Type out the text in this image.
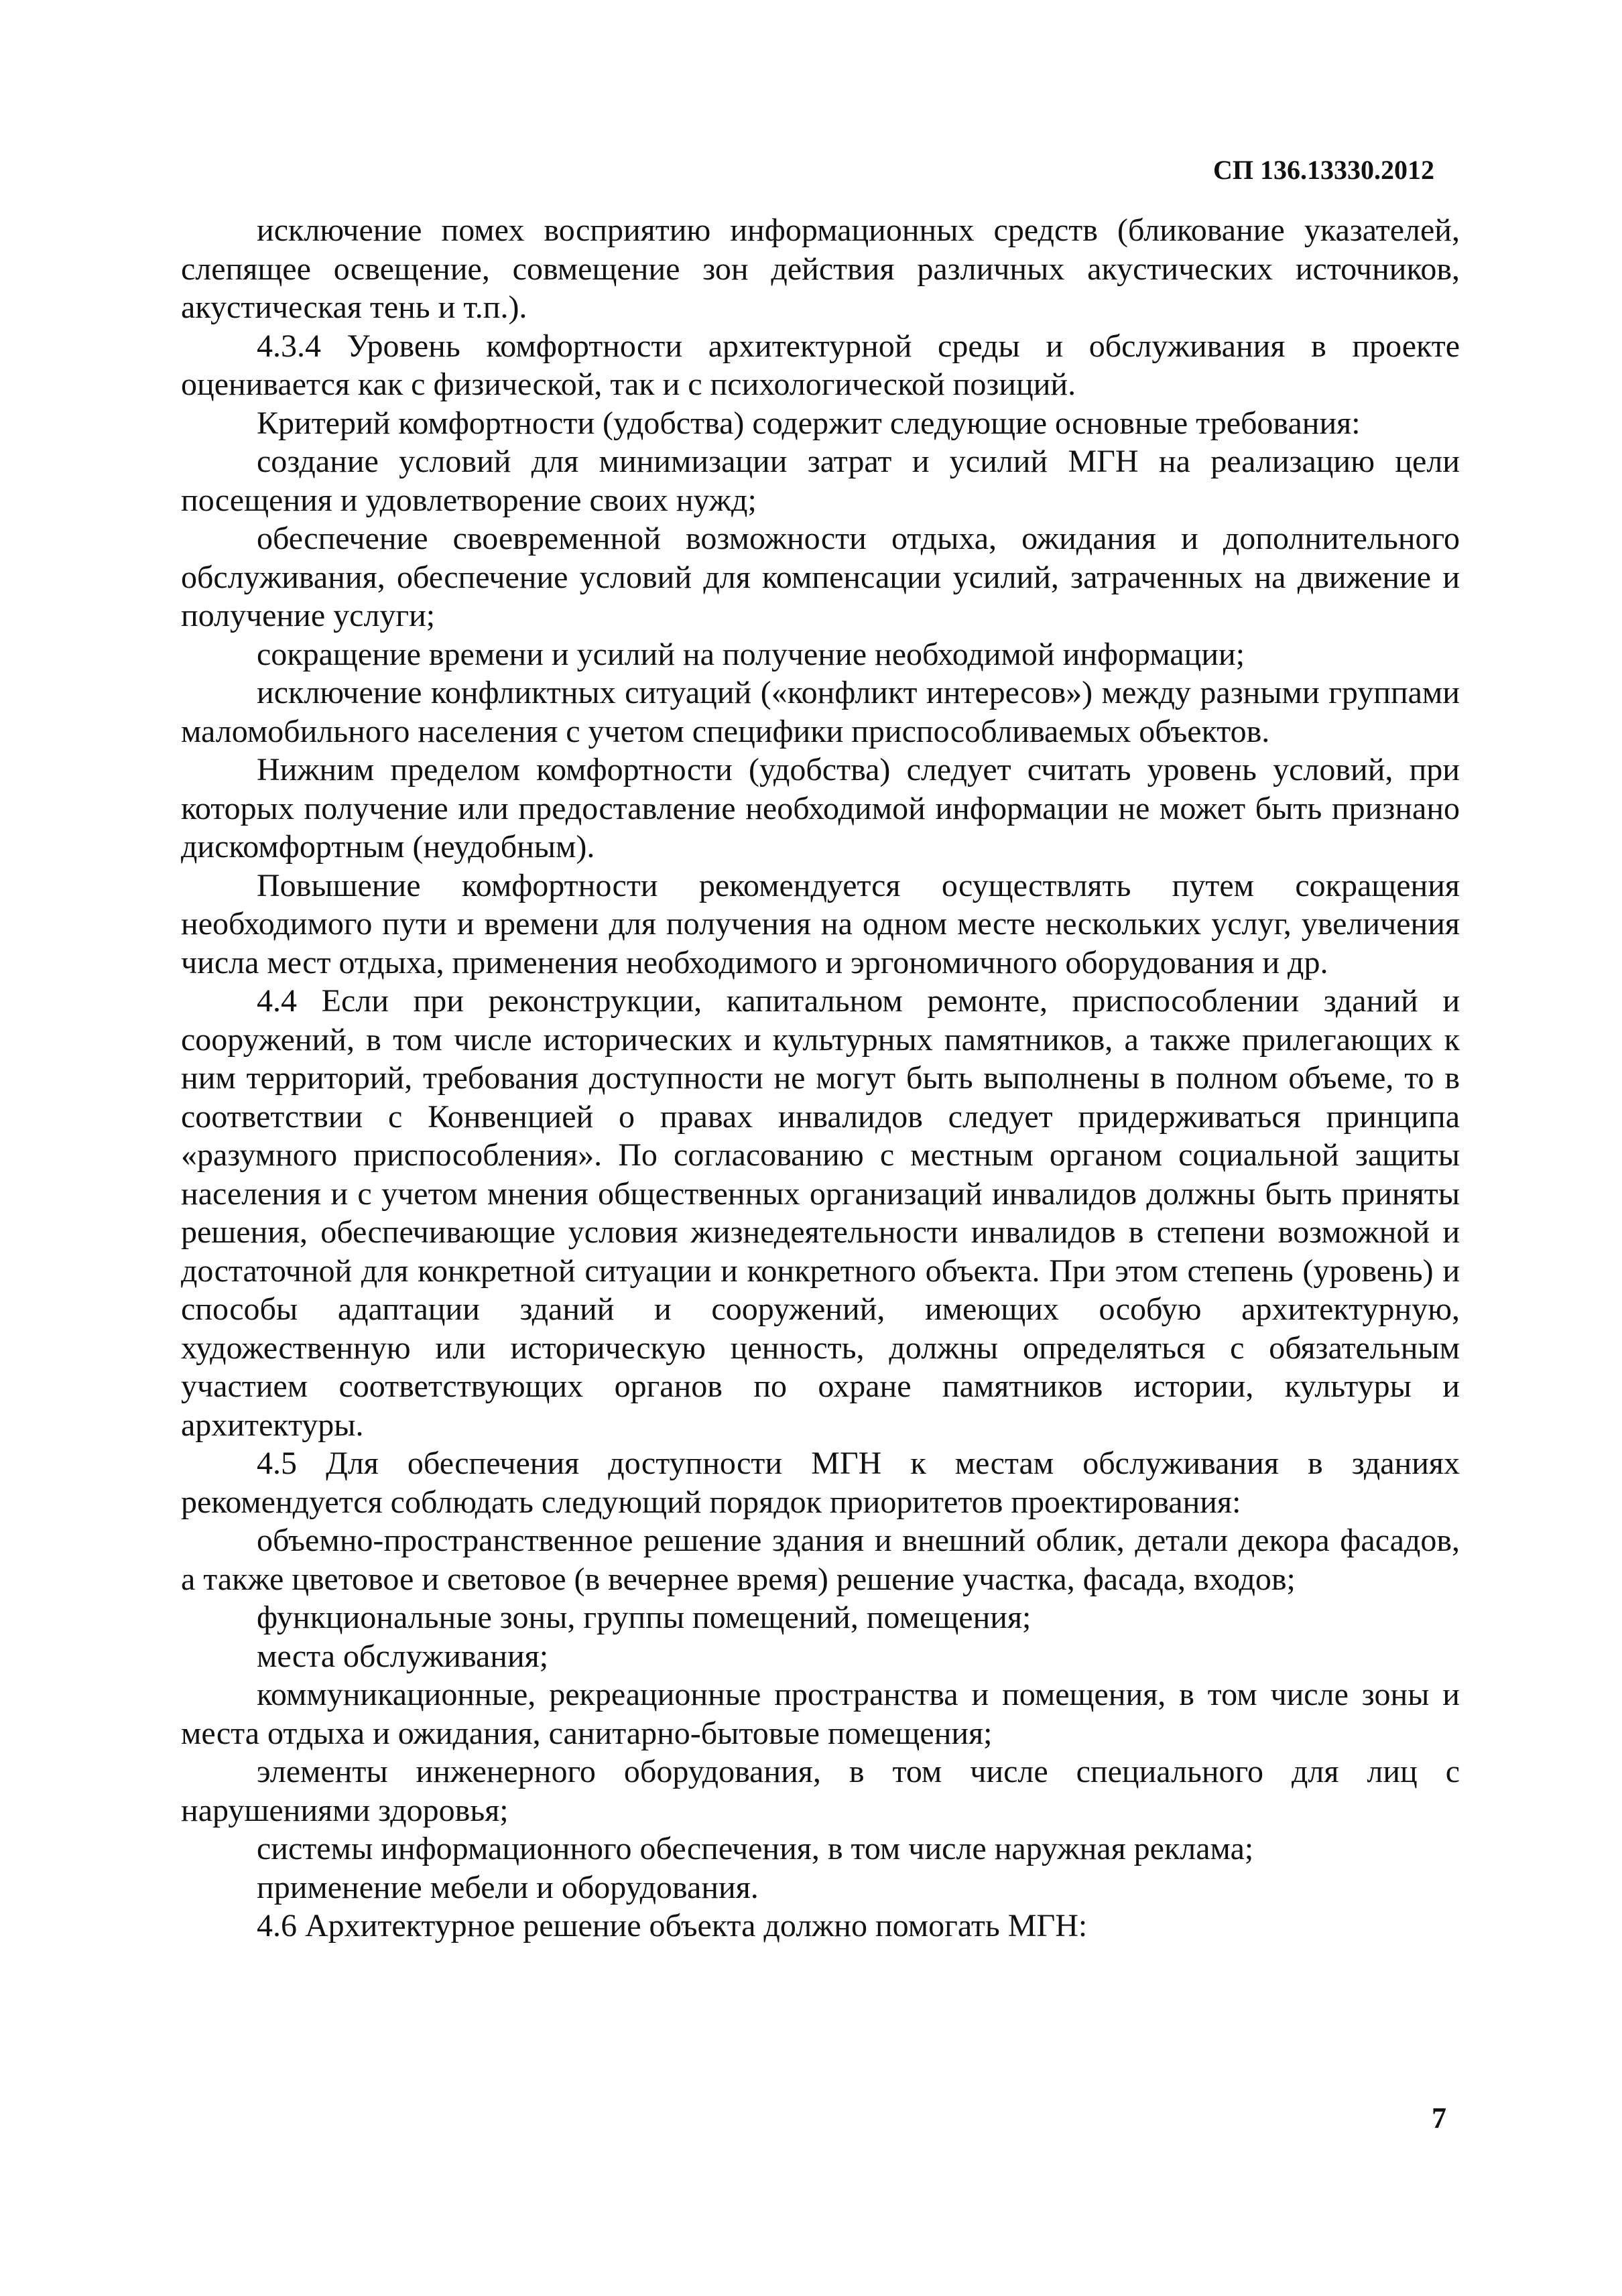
СП 136.13330.2012

исключение помех восприятию информационных средств (бликование указателей, слепящее освещение, совмещение зон действия различных акустических источников, акустическая тень и т.п.).

4.3.4 Уровень комфортности архитектурной среды и обслуживания в проекте оценивается как с физической, так и с психологической позиций.

Критерий комфортности (удобства) содержит следующие основные требования:

создание условий для минимизации затрат и усилий МГН на реализацию цели посещения и удовлетворение своих нужд;

обеспечение своевременной возможности отдыха, ожидания и дополнительного обслуживания, обеспечение условий для компенсации усилий, затраченных на движение и получение услуги;

сокращение времени и усилий на получение необходимой информации;

исключение конфликтных ситуаций («конфликт интересов») между разными группами маломобильного населения с учетом специфики приспособливаемых объектов.

Нижним пределом комфортности (удобства) следует считать уровень условий, при которых получение или предоставление необходимой информации не может быть признано дискомфортным (неудобным).

Повышение комфортности рекомендуется осуществлять путем сокращения необходимого пути и времени для получения на одном месте нескольких услуг, увеличения числа мест отдыха, применения необходимого и эргономичного оборудования и др.

4.4 Если при реконструкции, капитальном ремонте, приспособлении зданий и сооружений, в том числе исторических и культурных памятников, а также прилегающих к ним территорий, требования доступности не могут быть выполнены в полном объеме, то в соответствии с Конвенцией о правах инвалидов следует придерживаться принципа «разумного приспособления». По согласованию с местным органом социальной защиты населения и с учетом мнения общественных организаций инвалидов должны быть приняты решения, обеспечивающие условия жизнедеятельности инвалидов в степени возможной и достаточной для конкретной ситуации и конкретного объекта. При этом степень (уровень) и способы адаптации зданий и сооружений, имеющих особую архитектурную, художественную или историческую ценность, должны определяться с обязательным участием соответствующих органов по охране памятников истории, культуры и архитектуры.

4.5 Для обеспечения доступности МГН к местам обслуживания в зданиях рекомендуется соблюдать следующий порядок приоритетов проектирования:

объемно-пространственное решение здания и внешний облик, детали декора фасадов, а также цветовое и световое (в вечернее время) решение участка, фасада, входов;

функциональные зоны, группы помещений, помещения;

места обслуживания;

коммуникационные, рекреационные пространства и помещения, в том числе зоны и места отдыха и ожидания, санитарно-бытовые помещения;

элементы инженерного оборудования, в том числе специального для лиц с нарушениями здоровья;

системы информационного обеспечения, в том числе наружная реклама;

применение мебели и оборудования.

4.6 Архитектурное решение объекта должно помогать МГН:

7
